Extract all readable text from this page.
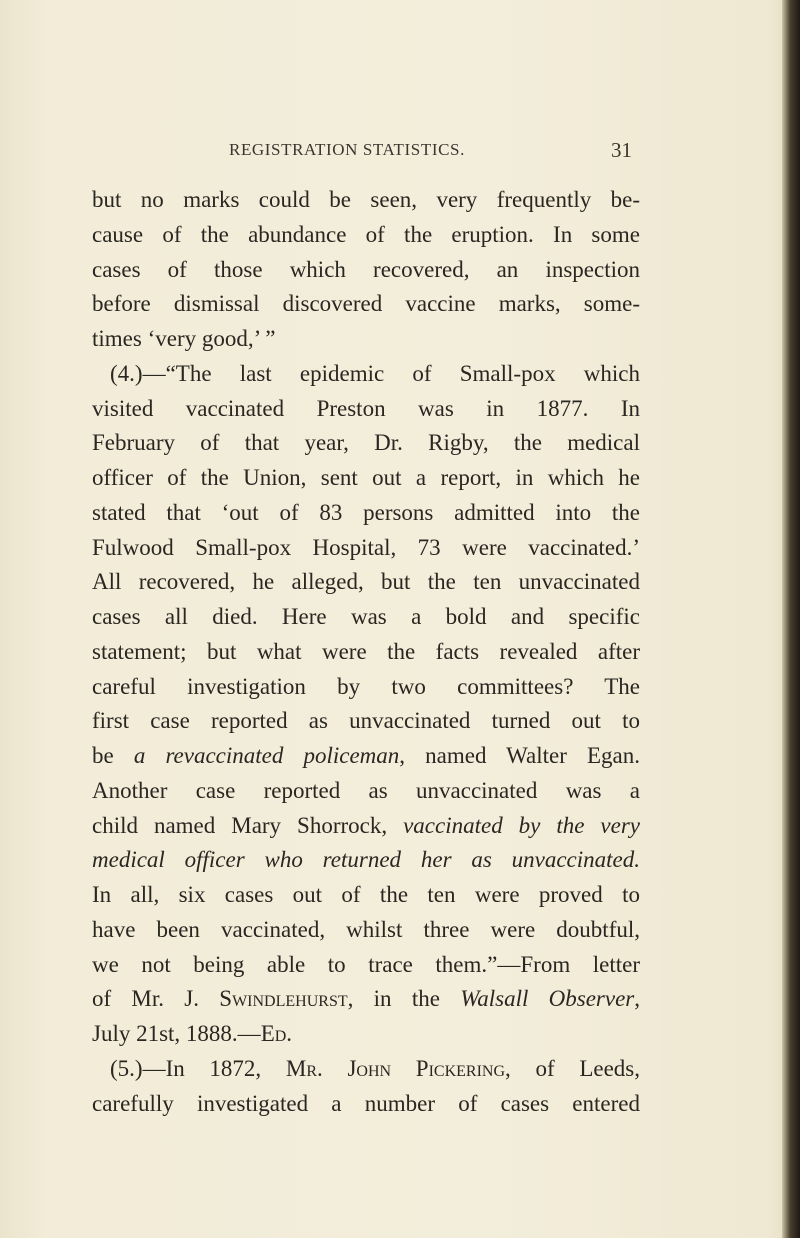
REGISTRATION STATISTICS.	31
but no marks could be seen, very frequently be-
cause of the abundance of the eruption. In some
cases of those which recovered, an inspection
before dismissal discovered vaccine marks, some-
times ‘very good,’ ”
(4.)—“The last epidemic of Small-pox which
visited vaccinated Preston was in 1877. In
February of that year, Dr. Rigby, the medical
officer of the Union, sent out a report, in which he
stated that ‘out of 83 persons admitted into the
Fulwood Small-pox Hospital, 73 were vaccinated.’
All recovered, he alleged, but the ten unvaccinated
cases all died. Here was a bold and specific
statement; but what were the facts revealed after
careful investigation by two committees? The
first case reported as unvaccinated turned out to
be a revaccinated policeman, named Walter Egan.
Another case reported as unvaccinated was a
child named Mary Shorrock, vaccinated by the very
medical officer who returned her as unvaccinated.
In all, six cases out of the ten were proved to
have been vaccinated, whilst three were doubtful,
we not being able to trace them.”—From letter
of Mr. J. Swindlehurst, in the Walsall Observer,
July 21st, 1888.—Ed.
(5.)—In 1872, Mr. John Pickering, of Leeds,
carefully investigated a number of cases entered
